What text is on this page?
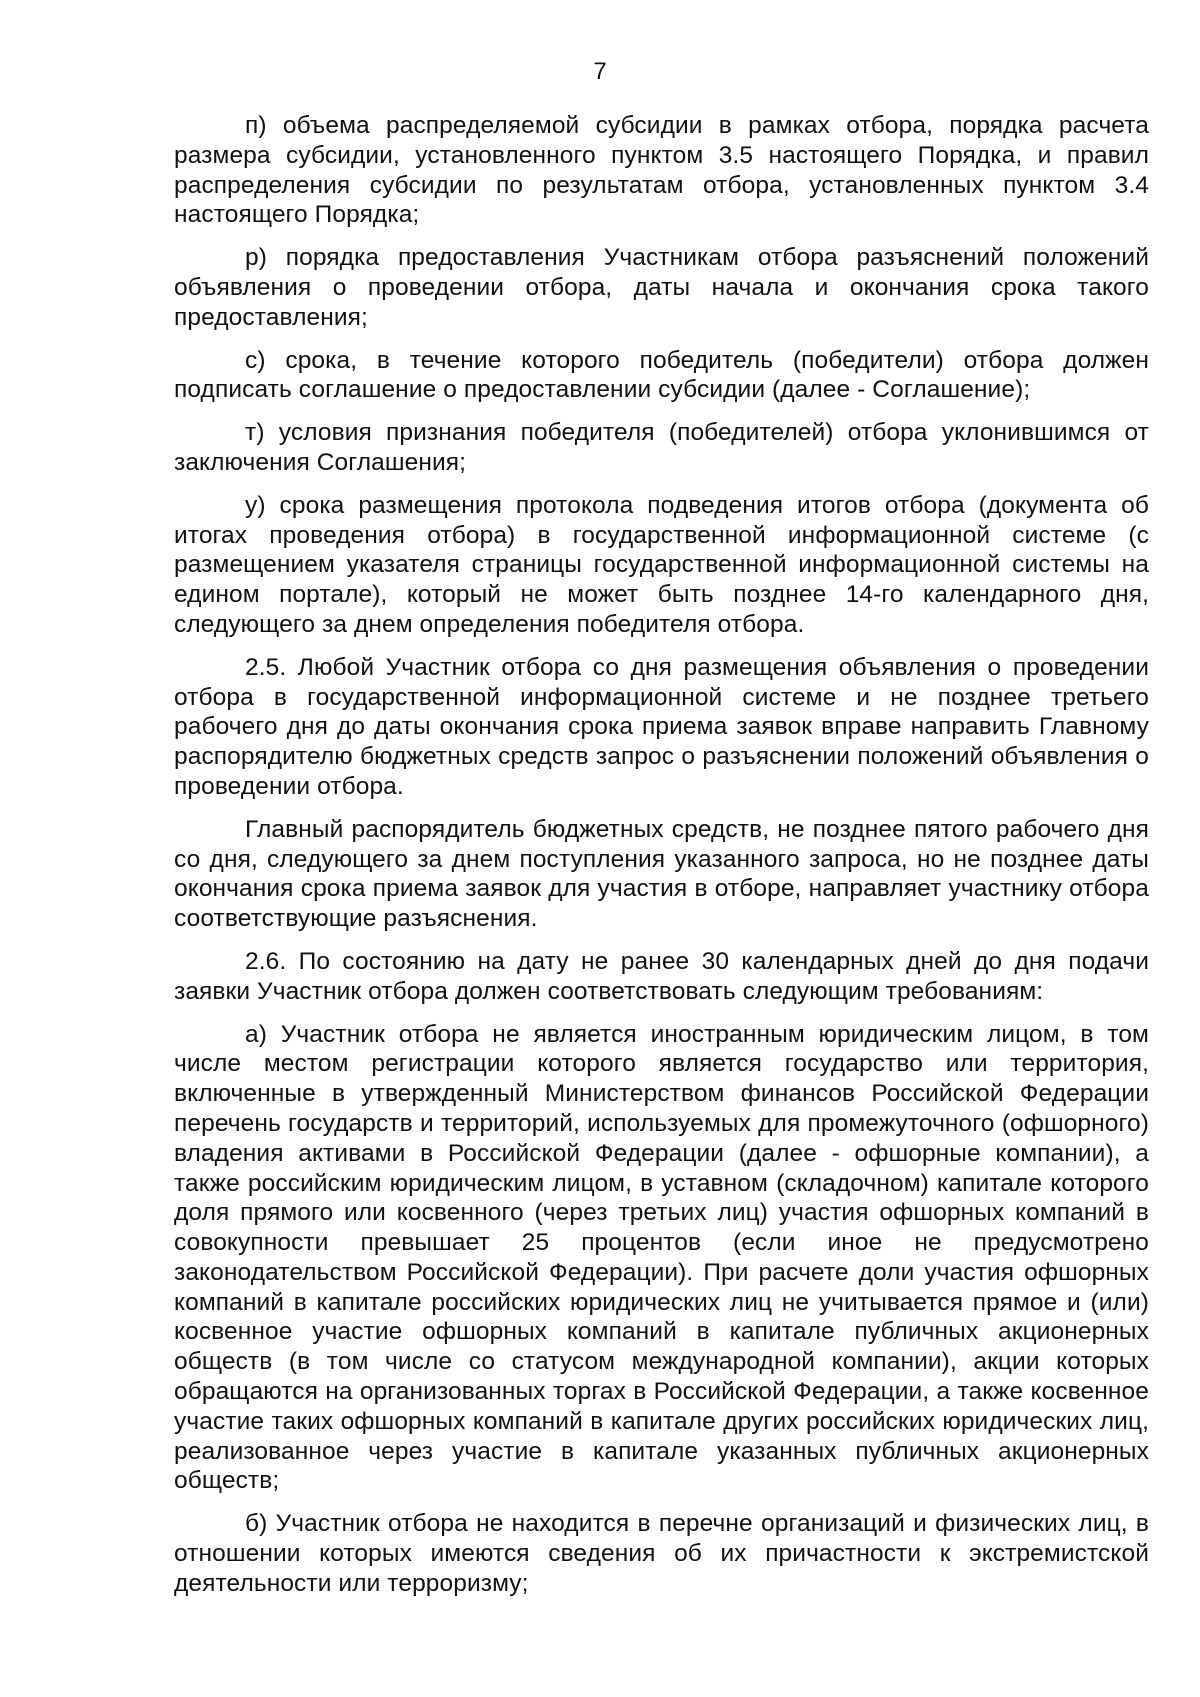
7

п) объема распределяемой субсидии в рамках отбора, порядка расчета размера субсидии, установленного пунктом 3.5 настоящего Порядка, и правил распределения субсидии по результатам отбора, установленных пунктом 3.4 настоящего Порядка;

р) порядка предоставления Участникам отбора разъяснений положений объявления о проведении отбора, даты начала и окончания срока такого предоставления;

с) срока, в течение которого победитель (победители) отбора должен подписать соглашение о предоставлении субсидии (далее - Соглашение);

т) условия признания победителя (победителей) отбора уклонившимся от заключения Соглашения;

у) срока размещения протокола подведения итогов отбора (документа об итогах проведения отбора) в государственной информационной системе (с размещением указателя страницы государственной информационной системы на едином портале), который не может быть позднее 14-го календарного дня, следующего за днем определения победителя отбора.

2.5. Любой Участник отбора со дня размещения объявления о проведении отбора в государственной информационной системе и не позднее третьего рабочего дня до даты окончания срока приема заявок вправе направить Главному распорядителю бюджетных средств запрос о разъяснении положений объявления о проведении отбора.

Главный распорядитель бюджетных средств, не позднее пятого рабочего дня со дня, следующего за днем поступления указанного запроса, но не позднее даты окончания срока приема заявок для участия в отборе, направляет участнику отбора соответствующие разъяснения.

2.6. По состоянию на дату не ранее 30 календарных дней до дня подачи заявки Участник отбора должен соответствовать следующим требованиям:

а) Участник отбора не является иностранным юридическим лицом, в том числе местом регистрации которого является государство или территория, включенные в утвержденный Министерством финансов Российской Федерации перечень государств и территорий, используемых для промежуточного (офшорного) владения активами в Российской Федерации (далее - офшорные компании), а также российским юридическим лицом, в уставном (складочном) капитале которого доля прямого или косвенного (через третьих лиц) участия офшорных компаний в совокупности превышает 25 процентов (если иное не предусмотрено законодательством Российской Федерации). При расчете доли участия офшорных компаний в капитале российских юридических лиц не учитывается прямое и (или) косвенное участие офшорных компаний в капитале публичных акционерных обществ (в том числе со статусом международной компании), акции которых обращаются на организованных торгах в Российской Федерации, а также косвенное участие таких офшорных компаний в капитале других российских юридических лиц, реализованное через участие в капитале указанных публичных акционерных обществ;

б) Участник отбора не находится в перечне организаций и физических лиц, в отношении которых имеются сведения об их причастности к экстремистской деятельности или терроризму;
